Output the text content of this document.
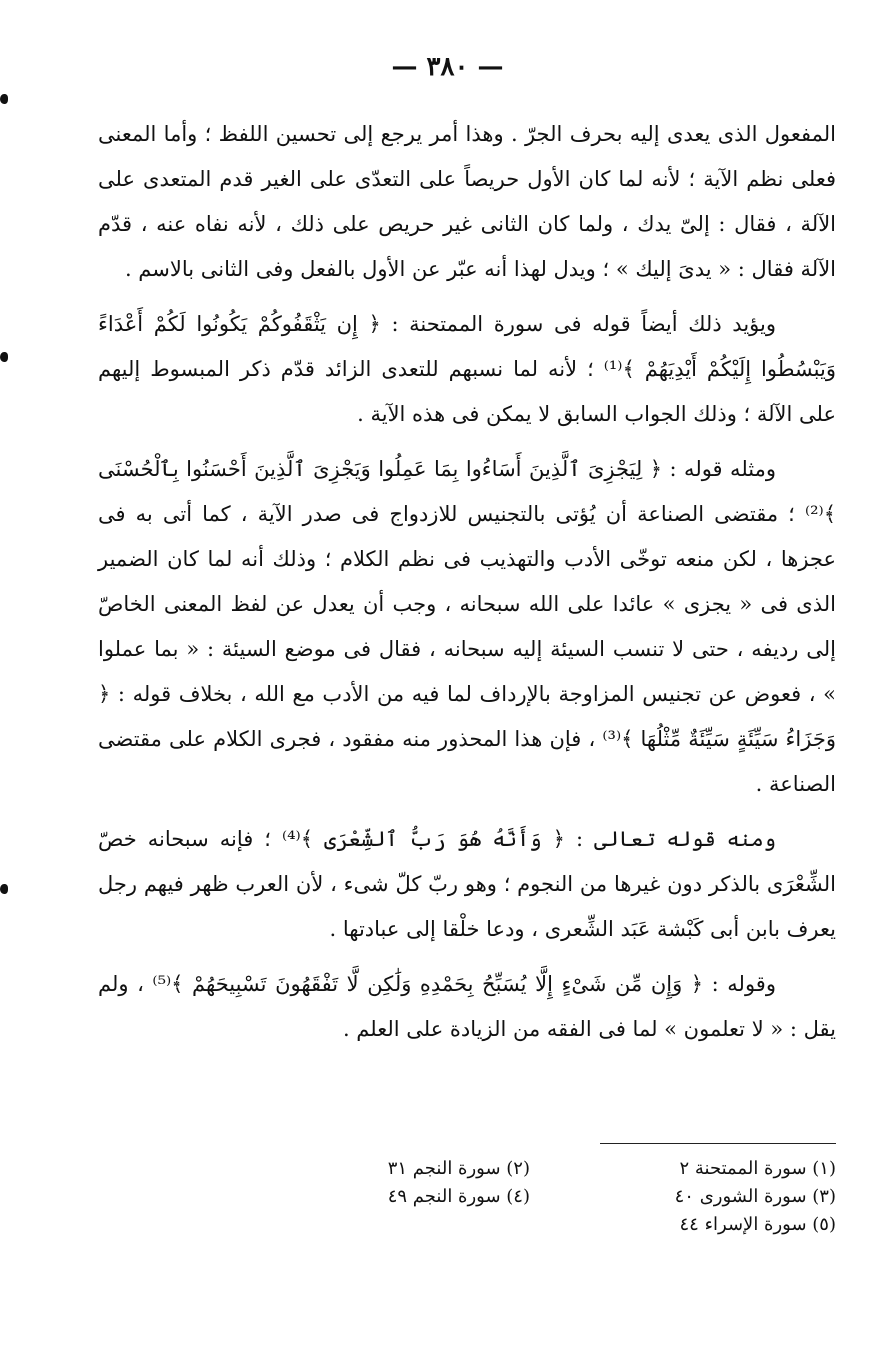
— ٣٨٠ —

المفعول الذى يعدى إليه بحرف الجرّ . وهذا أمر يرجع إلى تحسين اللفظ ؛ وأما المعنى فعلى نظم الآية ؛ لأنه لما كان الأول حريصاً على التعدّى على الغير قدم المتعدى على الآلة ، فقال : إلىّ يدك ، ولما كان الثانى غير حريص على ذلك ، لأنه نفاه عنه ، قدّم الآلة فقال : « يدىَ إليك » ؛ ويدل لهذا أنه عبّر عن الأول بالفعل وفى الثانى بالاسم .

ويؤيد ذلك أيضاً قوله فى سورة الممتحنة : ﴿ إِن يَثْقَفُوكُمْ يَكُونُوا لَكُمْ أَعْدَاءً وَيَبْسُطُوا إِلَيْكُمْ أَيْدِيَهُمْ ﴾⁽¹⁾ ؛ لأنه لما نسبهم للتعدى الزائد قدّم ذكر المبسوط إليهم على الآلة ؛ وذلك الجواب السابق لا يمكن فى هذه الآية .

ومثله قوله : ﴿ لِيَجْزِىَ ٱلَّذِينَ أَسَاءُوا بِمَا عَمِلُوا وَيَجْزِىَ ٱلَّذِينَ أَحْسَنُوا بِٱلْحُسْنَى ﴾⁽²⁾ ؛ مقتضى الصناعة أن يُؤتى بالتجنيس للازدواج فى صدر الآية ، كما أتى به فى عجزها ، لكن منعه توخّى الأدب والتهذيب فى نظم الكلام ؛ وذلك أنه لما كان الضمير الذى فى « يجزى » عائدا على الله سبحانه ، وجب أن يعدل عن لفظ المعنى الخاصّ إلى رديفه ، حتى لا تنسب السيئة إليه سبحانه ، فقال فى موضع السيئة : « بما عملوا » ، فعوض عن تجنيس المزاوجة بالإرداف لما فيه من الأدب مع الله ، بخلاف قوله : ﴿ وَجَزَاءُ سَيِّئَةٍ سَيِّئَةٌ مِّثْلُهَا ﴾⁽³⁾ ، فإن هذا المحذور منه مفقود ، فجرى الكلام على مقتضى الصناعة .

ومنه قوله تعالى : ﴿ وَأَنَّهُ هُوَ رَبُّ ٱلشِّعْرَى ﴾⁽⁴⁾ ؛ فإنه سبحانه خصّ الشِّعْرَى بالذكر دون غيرها من النجوم ؛ وهو ربّ كلّ شىء ، لأن العرب ظهر فيهم رجل يعرف بابن أبى كَبْشة عَبَد الشِّعرى ، ودعا خلْقا إلى عبادتها .

وقوله : ﴿ وَإِن مِّن شَىْءٍ إِلَّا يُسَبِّحُ بِحَمْدِهِ وَلَٰكِن لَّا تَفْقَهُونَ تَسْبِيحَهُمْ ﴾⁽⁵⁾ ، ولم يقل : « لا تعلمون » لما فى الفقه من الزيادة على العلم .

(١) سورة الممتحنة ٢
(٢) سورة النجم ٣١
(٣) سورة الشورى ٤٠
(٤) سورة النجم ٤٩
(٥) سورة الإسراء ٤٤
